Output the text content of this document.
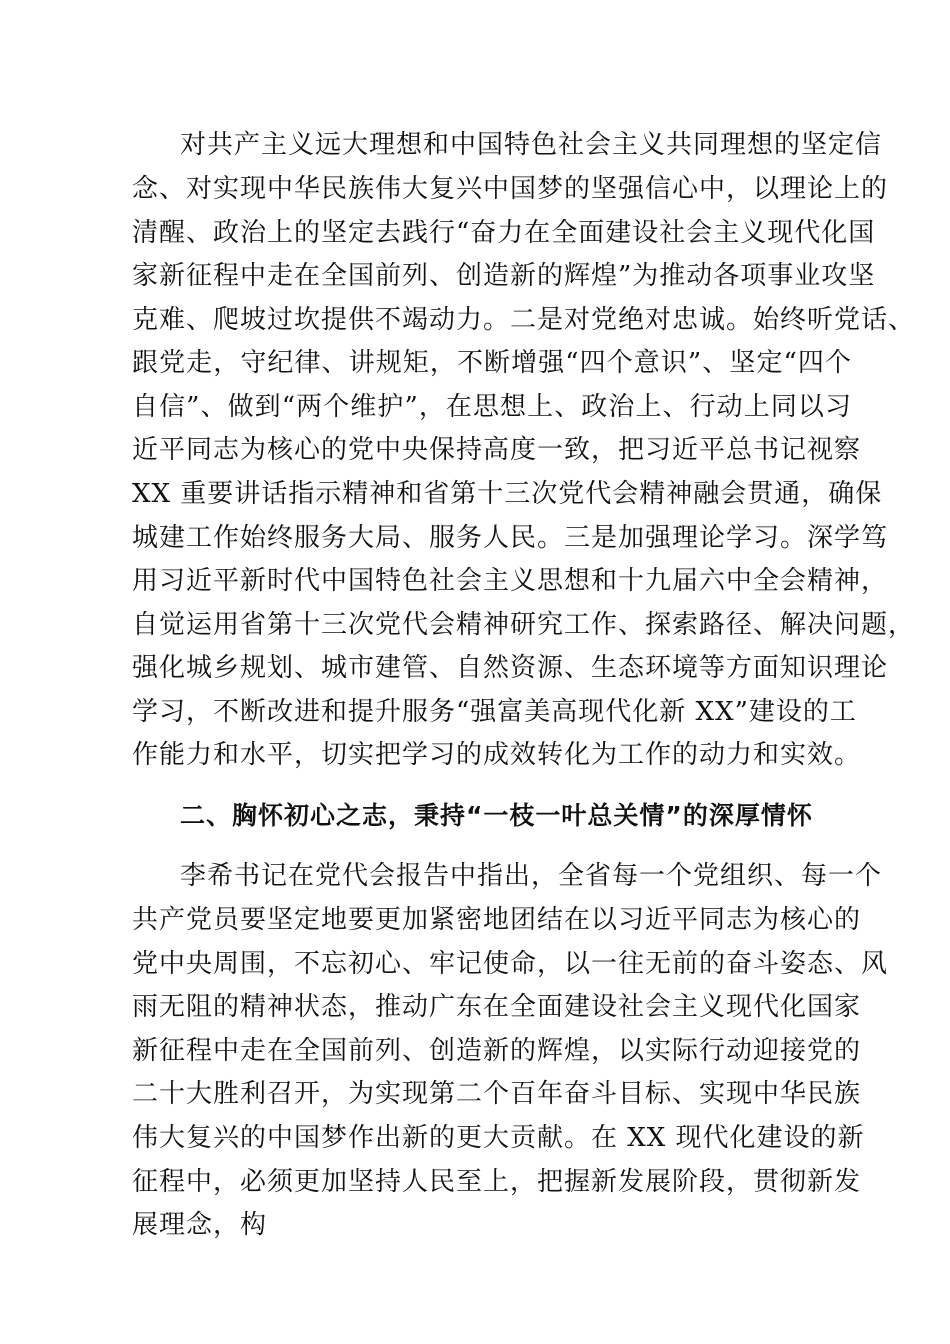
对共产主义远大理想和中国特色社会主义共同理想的坚定信
念、对实现中华民族伟大复兴中国梦的坚强信心中，以理论上的
清醒、政治上的坚定去践行“奋力在全面建设社会主义现代化国
家新征程中走在全国前列、创造新的辉煌”为推动各项事业攻坚
克难、爬坡过坎提供不竭动力。二是对党绝对忠诚。始终听党话、
跟党走，守纪律、讲规矩，不断增强“四个意识”、坚定“四个
自信”、做到“两个维护”，在思想上、政治上、行动上同以习
近平同志为核心的党中央保持高度一致，把习近平总书记视察
XX 重要讲话指示精神和省第十三次党代会精神融会贯通，确保
城建工作始终服务大局、服务人民。三是加强理论学习。深学笃
用习近平新时代中国特色社会主义思想和十九届六中全会精神，
自觉运用省第十三次党代会精神研究工作、探索路径、解决问题，
强化城乡规划、城市建管、自然资源、生态环境等方面知识理论
学习，不断改进和提升服务“强富美高现代化新 XX”建设的工
作能力和水平，切实把学习的成效转化为工作的动力和实效。
二、胸怀初心之志，秉持“一枝一叶总关情”的深厚情怀
李希书记在党代会报告中指出，全省每一个党组织、每一个
共产党员要坚定地要更加紧密地团结在以习近平同志为核心的
党中央周围，不忘初心、牢记使命，以一往无前的奋斗姿态、风
雨无阻的精神状态，推动广东在全面建设社会主义现代化国家
新征程中走在全国前列、创造新的辉煌，以实际行动迎接党的
二十大胜利召开，为实现第二个百年奋斗目标、实现中华民族
伟大复兴的中国梦作出新的更大贡献。在 XX 现代化建设的新
征程中，必须更加坚持人民至上，把握新发展阶段，贯彻新发
展理念，构
